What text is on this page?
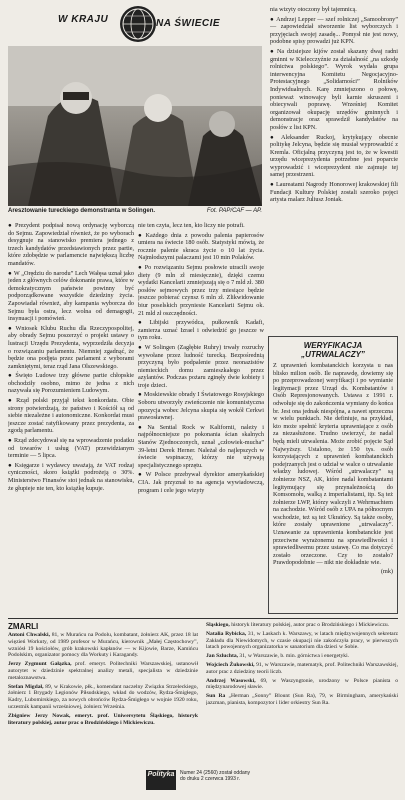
W KRAJU	NA ŚWIECIE
Aresztowanie tureckiego demonstranta w Solingen.	Fot. PAP/CAF — AP.

● Prezydent podpisał nową ordynację wyborczą do Sejmu. Zapowiedział również, że po wyborach desygnuje na stanowisko premiera jednego z trzech kandydatów przedstawionych przez partie, które zdobędzie w parlamencie największą liczbę mandatów.

● W „Orędziu do narodu” Lech Wałęsa uznał jako jeden z głównych celów dokonanie prawa, które w demokratycznym państwie powinny być podporządkowane wszystkie dziedziny życia. Zapowiadał również, aby kampania wyborcza do Sejmu była ostra, lecz wolna od demagogii, insynuacji i pomówień.

● Wniosek Klubu Ruchu dla Rzeczypospolitej, aby obrady Sejmu poszerzyć o projekt ustawy o lustracji Urzędu Prezydenta, wyprzedziła decyzja o rozwiązaniu parlamentu. Niemniej zgadnąć, że będzie ona podjęta przez parlament z wyborami zamkniętymi, teraz rząd Jana Olszewskiego.

● Święto Ludowe trzy główne partie chłopskie obchodziły osobno, mimo że jedna z nich nazywała się Porozumieniem Ludowym.

● Rząd polski przyjął tekst konkordatu. Obie strony potwierdzają, że państwo i Kościół są od siebie niezależne i autonomiczne. Konkordat musi jeszcze zostać ratyfikowany przez prezydenta, za zgodą parlamentu.

● Rząd zdecydował się na wprowadzenie podatku od towarów i usług (VAT) przewidzianym terminie — 5 lipca.

● Księgarze i wydawcy uważają, że VAT rodzaj cyniczności, skoro książki podrożeją o 30%. Ministerstwo Finansów stoi jednak na stanowisku, że głupieje nie ten, kto książkę kupuje.

nie ten czyta, lecz ten, kto liczy nie potrafi.

● Każdego dnia z powodu palenia papierosów umiera na świecie 180 osób. Statystyki mówią, że rocznie palenie skraca życie o 10 lat życia. Najmłodszymi palaczami jest 10 min Polaków.

● Po rozwiązaniu Sejmu posłowie utracili swoje diety (9 mln zł miesięcznie), dzięki czemu wydatki Kancelarii zmniejszają się o 7 mld zł. 380 posłów sejmowych przez trzy miesiące będzie jeszcze pobierać czynsz 6 mln zł. Zlikwidowanie biur poselskich przyniesie Kancelarii Sejmu ok. 21 mld zł oszczędności.

● Libijski przywódca, pułkownik Kadafi, zamierza uznać Izrael i odwiedzić go jeszcze w tym roku.

● W Solingen (Zagłębie Ruhry) trwały rozruchy wywołane przez ludność turecką. Bezpośrednią przyczyną było podpalenie przez neonazistów niemieckich domu zamieszkałego przez azylantów. Podczas pożaru zginęły dwie kobiety i troje dzieci.

● Moskiewskie obrady I Światowego Rosyjskiego Soboru utworzyły zwieńczenie nie komunistyczna opozycja wobec Jelcyna skupia się wokół Cerkwi prawosławnej.

● Na Sential Rock w Kalifornii, należy i najpółnocniejsze po pokonania ścian skalnych Stanów Zjednoczonych, uznał „człowiek-mucha” 39-letni Derek Herner. Należał do najlepszych w świecie wspinaczy, którzy nie używają specjalistycznego sprzętu.

● W Polsce przebywał dyrektor amerykańskiej CIA. Jak przyznał to na agencja wywiadowczą, program i cele jego wizyty

nia wizyty otoczony był tajemnicą.

● Andrzej Lepper — szef rolniczej „Samoobrony” — zapowiedział stworzenie list wyborczych i przyjęciach swojej zasadę... Pomysł nie jest nowy, podobne spisy prowadzi już KPN.

● Na dzisiejsze kijów został skazany dwaj radni gminni w Kielecczyźnie za działalność „na szkodę rolnictwa polskiego”. Wyrok wydała grupa interwencyjna Komitetu Negocjacyjno-Protestacyjnego „Solidarności” Rolników Indywidualnych. Karę zmniejszono o połowę, ponieważ winowajcy byli karnie skruszeni i obiecywali poprawę. Wrześniej Komitet organizował okupację urzędów gminnych i demonstracje oraz sprawdził kandydatów na posłów z list KPN.

● Aleksander Ruckoj, krytykujący obecnie politykę Jelcyna, będzie się musiał wyprowadzić z Kremla. Oficjalną przyczyną jest to, że w kwestii urzędu wiceprezydenta potrzebne jest poparcie wyprowadzić i wiceprezydent nie zajmuje tej samej przestrzeni.

● Laureatami Nagrody Honorowej krakowskiej fili Fundacji Kultury Polskiej zostali szeroko pojęci artysta malarz Juliusz Joniak.

WERYFIKACJA „UTRWALACZY”
Z uprawnień kombatanckich korzysta u nas blisko milion osób. Ile naprawdę, dowiemy się po przeprowadzonej weryfikacji i po wymianie legitymacji przez Urząd ds. Kombatantów i Osób Represjonowanych. Ustawa z 1991 r. odwołuje się do zakończenia wymiany do końca br. Jest ona jednak niespójna, a nawet sprzeczna w wielu punktach. Nie definiuje, na przykład, kto może spełnić kryteria uprawniające z osób za niezasłużone. Trudno uwierzyć, że nadal będą mieli utrwalenia. Może zrobić pojęcie Sąd Najwyższy. Ustalono, że 150 tys. osób korzystających z uprawnień kombatanckich podejrzanych jest o udział w walce o utrwalanie władzy ludowej. Wśród „utrwalaczy” są żołnierze NSZ, AK, które nadal kombatantami legitymujący się przynależnością do Komsomołu, walką z imperialistami, itp. Są też żołnierze LWP, którzy walczyli z Wehrmachtem na zachodzie. Wśród osób z UPA na północnym wschodzie, też są też Ukraińcy. Są także osoby, które zostały uprawnione „utrwalaczy”. Uznawanie za uprawnienia kombatanckie jest przeciwne wyrażonemu na sprawiedliwości i sprawiedliwemu przez ustawę. Co ma dotyczyć zostało orzeczone. Czy to zostało? Prawdopodobnie — nikt nie dokładnie wie.
(mk)
ZMARLI

Antoni Chwalski, 81, w Murańcu na Podolu, kombatant, żołnierz AK, przez 18 lat więzień Workuty, od 1989 profesor w Murańcu, kierownik „Małej Częstochowy”, wzniósł 19 kościołów, grób krakowski kapłanów — w Kijowie, Barze, Kamińcu Podolskim, organizator pomocy dla Workuty i Karagandy.

Jerzy Zygmunt Gałązka, prof. emeryt. Politechniki Warszawskiej, ustanowił autorytet w dziedzinie spektralnej analizy metali, specjalista w dziedzinie metaloznawstwa.

Stefan Migdał, 89, w Krakowie, płk., komendant naczelny Związku Strzeleckiego, żołnierz 1 Brygady Legionów Piłsudskiego, wkład do wodzów, Rydza-Śmigłego, Kadry, Lubomirskiego, za nowych obrońców Rydza-Śmigłego w wojnie 1920 roku, uczestnik kampanii wrześniowej, żołnierz Września.

Zbigniew Jerzy Nowak, emeryt. prof. Uniwersytetu Śląskiego, historyk literatury polskiej, autor prac o Brodzińskiego i Mickiewiczu.

Śląskiego, historyk literatury polskiej, autor prac o Brodzińskiego i Mickiewiczu.

Natalia Rybicka, 31, w Laskach k. Warszawy, w latach międzywojennych sekretarz Zakładu dla Niewidomych, w czasie okupacji nie zakończyła pracy, w pierwszych latach powojennych organizatorka w sanatorium dla dzieci w Sobie.

Jan Szluchta, 31, w Warszawie, b. min. górnictwa i energetyki.

Wojciech Żukowski, 91, w Warszawie, matematyk, prof. Politechniki Warszawskiej, autor prac z dziedziny teorii liczb.

Andrzej Wasowski, 69, w Waszyngtonie, urodzony w Polsce pianista o międzynarodowej sławie.

Sun Ra „Herman „Sonny” Blount (Sun Ra), 79, w Birmingham, amerykański jazzman, pianista, kompozytor i lider orkiestry Sun Ra.

Polityka	Numer 24 (2560) został oddany
do druku 2 czerwca 1993 r.
